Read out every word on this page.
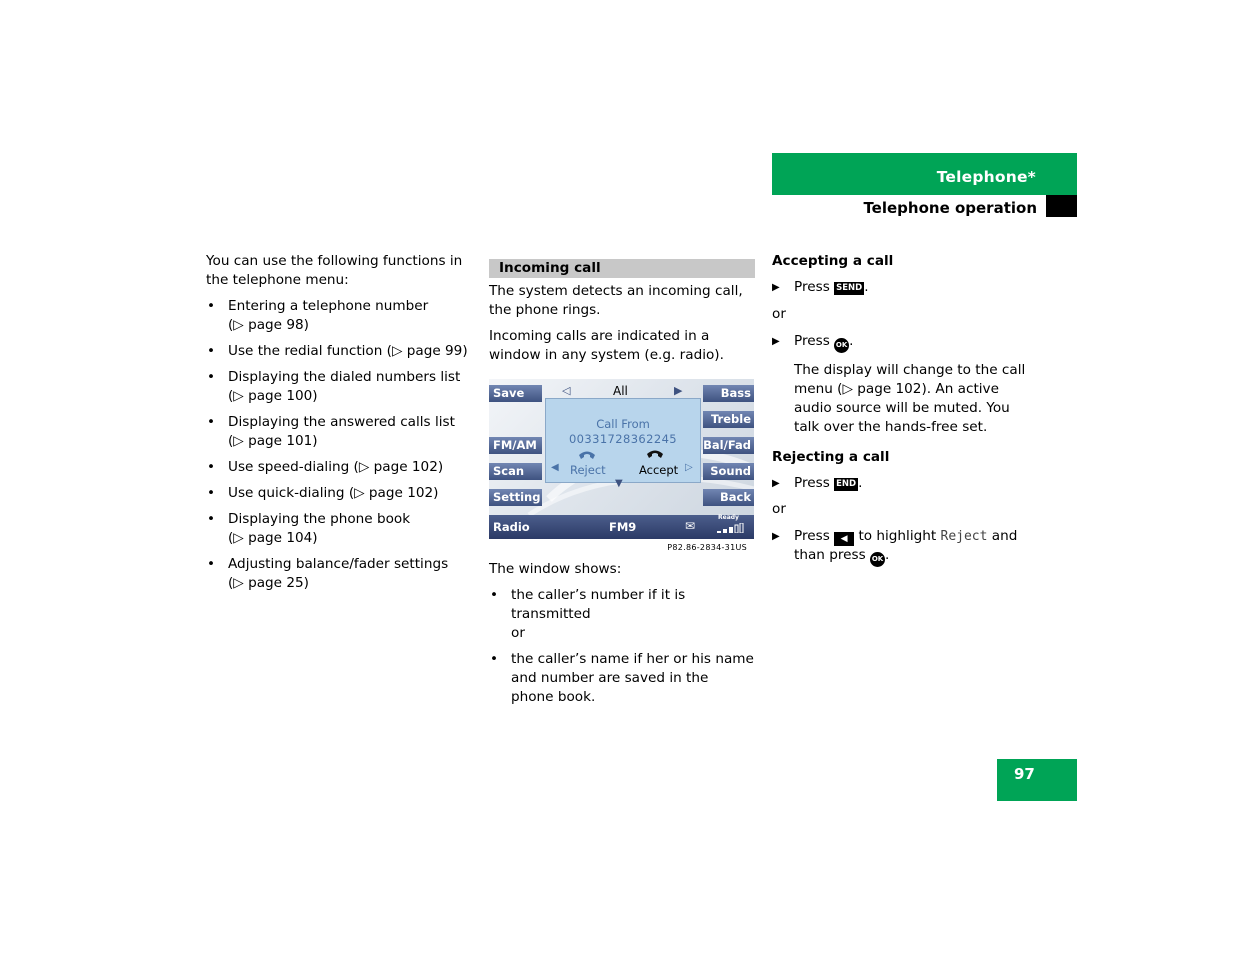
Telephone*
Telephone operation

You can use the following functions in the telephone menu:

• Entering a telephone number
(▷ page 98)
• Use the redial function (▷ page 99)
• Displaying the dialed numbers list
(▷ page 100)
• Displaying the answered calls list
(▷ page 101)
• Use speed-dialing (▷ page 102)
• Use quick-dialing (▷ page 102)
• Displaying the phone book
(▷ page 104)
• Adjusting balance/fader settings
(▷ page 25)
Incoming call

The system detects an incoming call, the phone rings.

Incoming calls are indicated in a window in any system (e.g. radio).

Save
FM/AM
Scan
Setting
Bass
Treble
Bal/Fad
Sound
Back
◁	All	▶
Call From
00331728362245
◀ Reject	Accept ▷
▼
Radio	FM9	✉
Ready
P82.86-2834-31US

The window shows:

• the caller’s number if it is transmitted
or
• the caller’s name if her or his name and number are saved in the phone book.

Accepting a call

▶ Press SEND .

or

▶ Press OK .

The display will change to the call menu (▷ page 102). An active audio source will be muted. You talk over the hands-free set.

Rejecting a call

▶ Press END .

or

▶ Press ◀ to highlight Reject and
than press OK .
97
